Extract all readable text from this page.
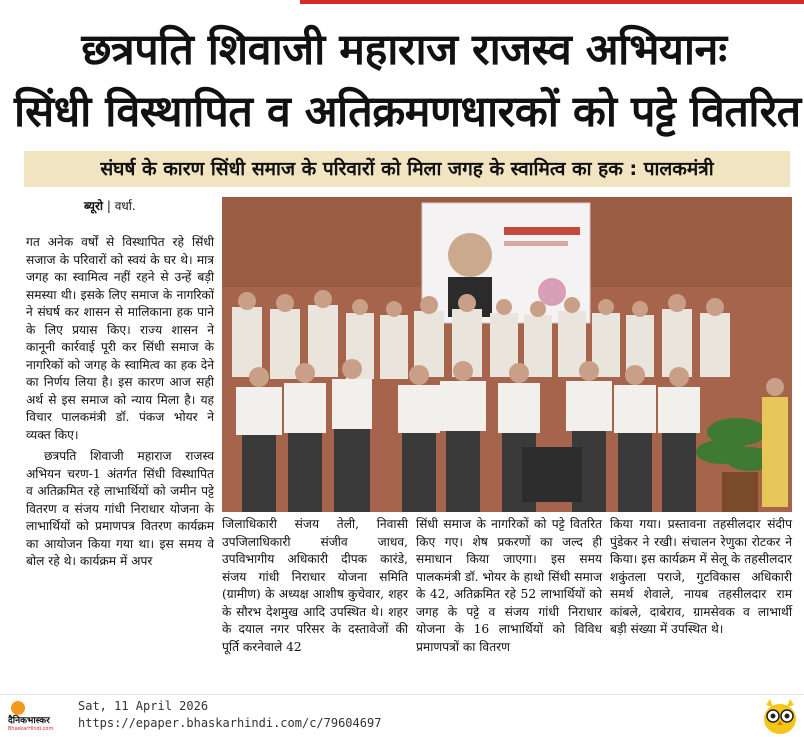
छत्रपति शिवाजी महाराज राजस्व अभियानः
सिंधी विस्थापित व अतिक्रमणधारकों को पट्टे वितरित
संघर्ष के कारण सिंधी समाज के परिवारों को मिला जगह के स्वामित्व का हक : पालकमंत्री
ब्यूरो | वर्धा.

गत अनेक वर्षों से विस्थापित रहे सिंधी सजाज के परिवारों को स्वयं के घर थे। मात्र जगह का स्वामित्व नहीं रहने से उन्हें बड़ी समस्या थी। इसके लिए समाज के नागरिकों ने संघर्ष कर शासन से मालिकाना हक पाने के लिए प्रयास किए। राज्य शासन ने कानूनी कार्रवाई पूरी कर सिंधी समाज के नागरिकों को जगह के स्वामित्व का हक देने का निर्णय लिया है। इस कारण आज सही अर्थ से इस समाज को न्याय मिला है। यह विचार पालकमंत्री डॉ. पंकज भोयर ने व्यक्त किए।

छत्रपति शिवाजी महाराज राजस्व अभियन चरण-1 अंतर्गत सिंधी विस्थापित व अतिक्रमित रहे लाभार्थियों को जमीन पट्टे वितरण व संजय गांधी निराधार योजना के लाभार्थियों को प्रमाणपत्र वितरण कार्यक्रम का आयोजन किया गया था। इस समय वे बोल रहे थे। कार्यक्रम में अपर

जिलाधिकारी संजय तेली, निवासी उपजिलाधिकारी संजीव जाधव, उपविभागीय अधिकारी दीपक कारंडे, संजय गांधी निराधार योजना समिति (ग्रामीण) के अध्यक्ष आशीष कुचेवार, शहर के सौरभ देशमुख आदि उपस्थित थे। शहर के दयाल नगर परिसर के दस्तावेजों की पूर्ति करनेवाले 42

सिंधी समाज के नागरिकों को पट्टे वितरित किए गए। शेष प्रकरणों का जल्द ही समाधान किया जाएगा। इस समय पालकमंत्री डॉ. भोयर के हाथो सिंधी समाज के 42, अतिक्रमित रहे 52 लाभार्थियों को जगह के पट्टे व संजय गांधी निराधार योजना के 16 लाभार्थियों को विविध प्रमाणपत्रों का वितरण

किया गया। प्रस्तावना तहसीलदार संदीप पुंडेकर ने रखी। संचालन रेणुका रोटकर ने किया। इस कार्यक्रम में सेलू के तहसीलदार शकुंतला पराजे, गुटविकास अधिकारी समर्थ शेवाले, नायब तहसीलदार राम कांबले, दाबेराव, ग्रामसेवक व लाभार्थी बड़ी संख्या में उपस्थित थे।

दैनिकभास्कर
BhaskarHindi.com
Sat, 11 April 2026
https://epaper.bhaskarhindi.com/c/79604697
